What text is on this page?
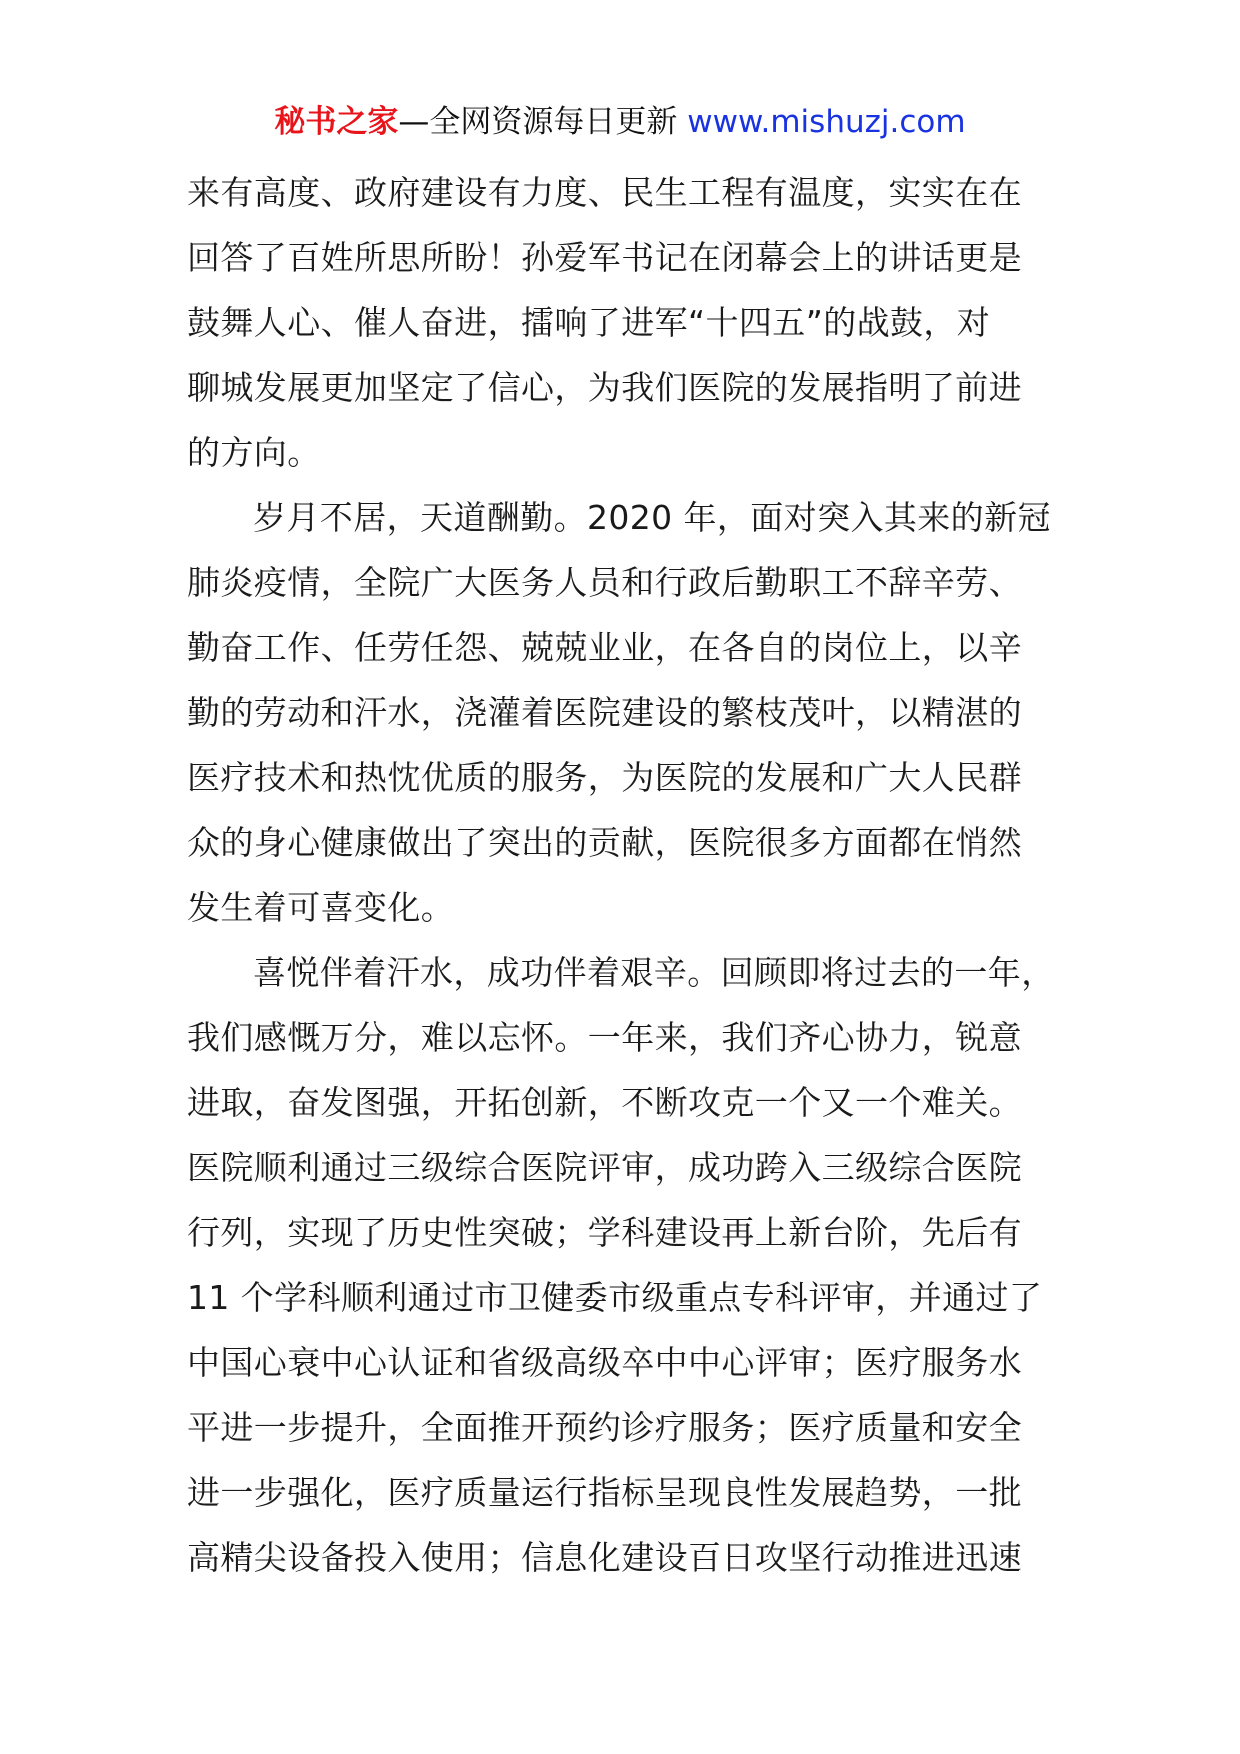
秘书之家—全网资源每日更新 www.mishuzj.com
来有高度、政府建设有力度、民生工程有温度，实实在在
回答了百姓所思所盼！孙爱军书记在闭幕会上的讲话更是
鼓舞人心、催人奋进，擂响了进军“十四五”的战鼓，对
聊城发展更加坚定了信心，为我们医院的发展指明了前进
的方向。
岁月不居，天道酬勤。2020 年，面对突入其来的新冠
肺炎疫情，全院广大医务人员和行政后勤职工不辞辛劳、
勤奋工作、任劳任怨、兢兢业业，在各自的岗位上，以辛
勤的劳动和汗水，浇灌着医院建设的繁枝茂叶，以精湛的
医疗技术和热忱优质的服务，为医院的发展和广大人民群
众的身心健康做出了突出的贡献，医院很多方面都在悄然
发生着可喜变化。
喜悦伴着汗水，成功伴着艰辛。回顾即将过去的一年，
我们感慨万分，难以忘怀。一年来，我们齐心协力，锐意
进取，奋发图强，开拓创新，不断攻克一个又一个难关。
医院顺利通过三级综合医院评审，成功跨入三级综合医院
行列，实现了历史性突破；学科建设再上新台阶，先后有
11 个学科顺利通过市卫健委市级重点专科评审，并通过了
中国心衰中心认证和省级高级卒中中心评审；医疗服务水
平进一步提升，全面推开预约诊疗服务；医疗质量和安全
进一步强化，医疗质量运行指标呈现良性发展趋势，一批
高精尖设备投入使用；信息化建设百日攻坚行动推进迅速
